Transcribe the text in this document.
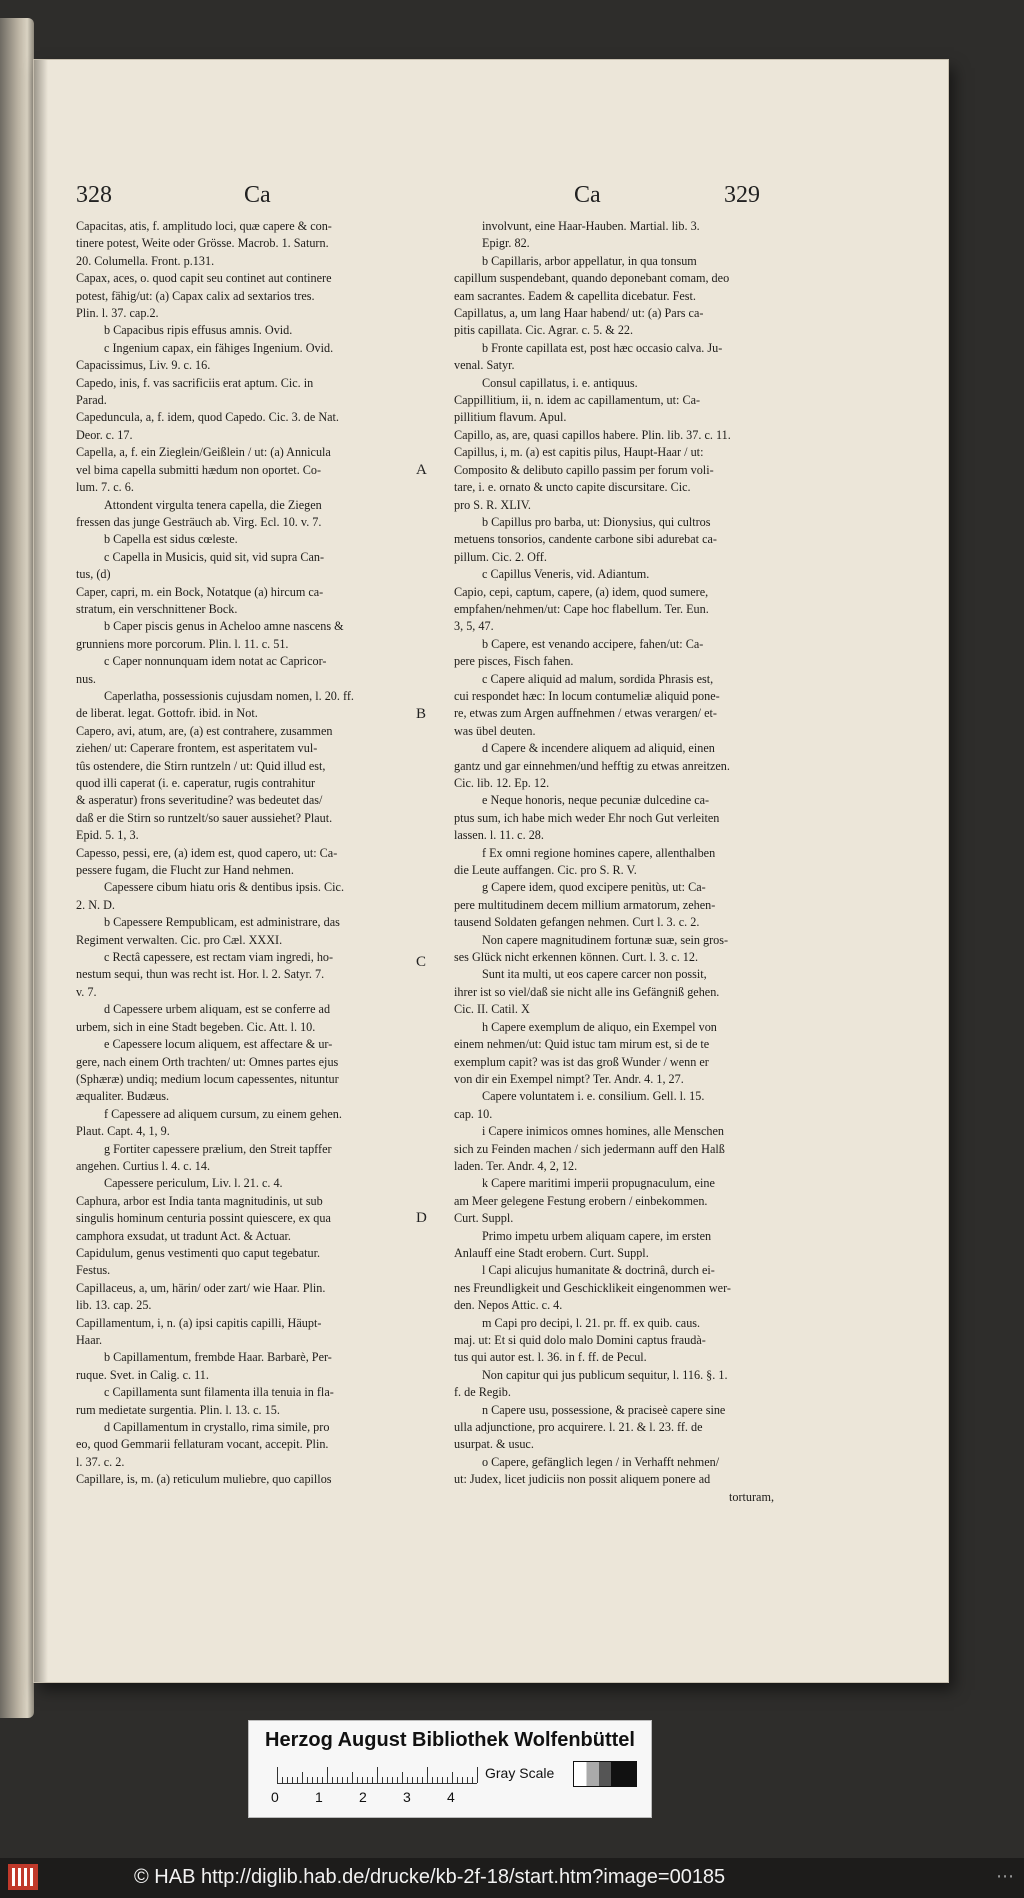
328	Ca	Ca	329

Capacitas, atis, f. amplitudo loci, quæ capere & con-

tinere potest, Weite oder Grösse. Macrob. 1. Saturn.

20. Columella. Front. p.131.

Capax, aces, o. quod capit seu continet aut continere

potest, fähig/ut: (a) Capax calix ad sextarios tres.

Plin. l. 37. cap.2.

b Capacibus ripis effusus amnis. Ovid.

c Ingenium capax, ein fähiges Ingenium. Ovid.

Capacissimus, Liv. 9. c. 16.

Capedo, inis, f. vas sacrificiis erat aptum. Cic. in

Parad.

Capeduncula, a, f. idem, quod Capedo. Cic. 3. de Nat.

Deor. c. 17.

Capella, a, f. ein Zieglein/Geißlein / ut: (a) Annicula

vel bima capella submitti hædum non oportet. Co-

lum. 7. c. 6.

Attondent virgulta tenera capella, die Ziegen

fressen das junge Gesträuch ab. Virg. Ecl. 10. v. 7.

b Capella est sidus cœleste.

c Capella in Musicis, quid sit, vid supra Can-

tus, (d)

Caper, capri, m. ein Bock, Notatque (a) hircum ca-

stratum, ein verschnittener Bock.

b Caper piscis genus in Acheloo amne nascens &

grunniens more porcorum. Plin. l. 11. c. 51.

c Caper nonnunquam idem notat ac Capricor-

nus.

Caperlatha, possessionis cujusdam nomen, l. 20. ff.

de liberat. legat. Gottofr. ibid. in Not.

Capero, avi, atum, are, (a) est contrahere, zusammen

ziehen/ ut: Caperare frontem, est asperitatem vul-

tûs ostendere, die Stirn runtzeln / ut: Quid illud est,

quod illi caperat (i. e. caperatur, rugis contrahitur

& asperatur) frons severitudine? was bedeutet das/

daß er die Stirn so runtzelt/so sauer aussiehet? Plaut.

Epid. 5. 1, 3.

Capesso, pessi, ere, (a) idem est, quod capero, ut: Ca-

pessere fugam, die Flucht zur Hand nehmen.

Capessere cibum hiatu oris & dentibus ipsis. Cic.

2. N. D.

b Capessere Rempublicam, est administrare, das

Regiment verwalten. Cic. pro Cæl. XXXI.

c Rectâ capessere, est rectam viam ingredi, ho-

nestum sequi, thun was recht ist. Hor. l. 2. Satyr. 7.

v. 7.

d Capessere urbem aliquam, est se conferre ad

urbem, sich in eine Stadt begeben. Cic. Att. l. 10.

e Capessere locum aliquem, est affectare & ur-

gere, nach einem Orth trachten/ ut: Omnes partes ejus

(Sphæræ) undiq; medium locum capessentes, nituntur

æqualiter. Budæus.

f Capessere ad aliquem cursum, zu einem gehen.

Plaut. Capt. 4, 1, 9.

g Fortiter capessere prælium, den Streit tapffer

angehen. Curtius l. 4. c. 14.

Capessere periculum, Liv. l. 21. c. 4.

Caphura, arbor est India tanta magnitudinis, ut sub

singulis hominum centuria possint quiescere, ex qua

camphora exsudat, ut tradunt Act. & Actuar.

Capidulum, genus vestimenti quo caput tegebatur.

Festus.

Capillaceus, a, um, härin/ oder zart/ wie Haar. Plin.

lib. 13. cap. 25.

Capillamentum, i, n. (a) ipsi capitis capilli, Häupt-

Haar.

b Capillamentum, frembde Haar. Barbarè, Per-

ruque. Svet. in Calig. c. 11.

c Capillamenta sunt filamenta illa tenuia in fla-

rum medietate surgentia. Plin. l. 13. c. 15.

d Capillamentum in crystallo, rima simile, pro

eo, quod Gemmarii fellaturam vocant, accepit. Plin.

l. 37. c. 2.

Capillare, is, m. (a) reticulum muliebre, quo capillos

involvunt, eine Haar-Hauben. Martial. lib. 3.

Epigr. 82.

b Capillaris, arbor appellatur, in qua tonsum

capillum suspendebant, quando deponebant comam, deo

eam sacrantes. Eadem & capellita dicebatur. Fest.

Capillatus, a, um lang Haar habend/ ut: (a) Pars ca-

pitis capillata. Cic. Agrar. c. 5. & 22.

b Fronte capillata est, post hæc occasio calva. Ju-

venal. Satyr.

Consul capillatus, i. e. antiquus.

Cappillitium, ii, n. idem ac capillamentum, ut: Ca-

pillitium flavum. Apul.

Capillo, as, are, quasi capillos habere. Plin. lib. 37. c. 11.

Capillus, i, m. (a) est capitis pilus, Haupt-Haar / ut:

Composito & delibuto capillo passim per forum voli-

tare, i. e. ornato & uncto capite discursitare. Cic.

pro S. R. XLIV.

b Capillus pro barba, ut: Dionysius, qui cultros

metuens tonsorios, candente carbone sibi adurebat ca-

pillum. Cic. 2. Off.

c Capillus Veneris, vid. Adiantum.

Capio, cepi, captum, capere, (a) idem, quod sumere,

empfahen/nehmen/ut: Cape hoc flabellum. Ter. Eun.

3, 5, 47.

b Capere, est venando accipere, fahen/ut: Ca-

pere pisces, Fisch fahen.

c Capere aliquid ad malum, sordida Phrasis est,

cui respondet hæc: In locum contumeliæ aliquid pone-

re, etwas zum Argen auffnehmen / etwas verargen/ et-

was übel deuten.

d Capere & incendere aliquem ad aliquid, einen

gantz und gar einnehmen/und hefftig zu etwas anreitzen.

Cic. lib. 12. Ep. 12.

e Neque honoris, neque pecuniæ dulcedine ca-

ptus sum, ich habe mich weder Ehr noch Gut verleiten

lassen. l. 11. c. 28.

f Ex omni regione homines capere, allenthalben

die Leute auffangen. Cic. pro S. R. V.

g Capere idem, quod excipere penitùs, ut: Ca-

pere multitudinem decem millium armatorum, zehen-

tausend Soldaten gefangen nehmen. Curt l. 3. c. 2.

Non capere magnitudinem fortunæ suæ, sein gros-

ses Glück nicht erkennen können. Curt. l. 3. c. 12.

Sunt ita multi, ut eos capere carcer non possit,

ihrer ist so viel/daß sie nicht alle ins Gefängniß gehen.

Cic. II. Catil. X

h Capere exemplum de aliquo, ein Exempel von

einem nehmen/ut: Quid istuc tam mirum est, si de te

exemplum capit? was ist das groß Wunder / wenn er

von dir ein Exempel nimpt? Ter. Andr. 4. 1, 27.

Capere voluntatem i. e. consilium. Gell. l. 15.

cap. 10.

i Capere inimicos omnes homines, alle Menschen

sich zu Feinden machen / sich jedermann auff den Halß

laden. Ter. Andr. 4, 2, 12.

k Capere maritimi imperii propugnaculum, eine

am Meer gelegene Festung erobern / einbekommen.

Curt. Suppl.

Primo impetu urbem aliquam capere, im ersten

Anlauff eine Stadt erobern. Curt. Suppl.

l Capi alicujus humanitate & doctrinâ, durch ei-

nes Freundligkeit und Geschicklikeit eingenommen wer-

den. Nepos Attic. c. 4.

m Capi pro decipi, l. 21. pr. ff. ex quib. caus.

maj. ut: Et si quid dolo malo Domini captus fraudà-

tus qui autor est. l. 36. in f. ff. de Pecul.

Non capitur qui jus publicum sequitur, l. 116. §. 1.

f. de Regib.

n Capere usu, possessione, & praciseè capere sine

ulla adjunctione, pro acquirere. l. 21. & l. 23. ff. de

usurpat. & usuc.

o Capere, gefänglich legen / in Verhafft nehmen/

ut: Judex, licet judiciis non possit aliquem ponere ad

torturam,

A
B
C
D
Herzog August Bibliothek Wolfenbüttel
0	1	2	3	4
Gray Scale
© HAB http://diglib.hab.de/drucke/kb-2f-18/start.htm?image=00185	⋯
